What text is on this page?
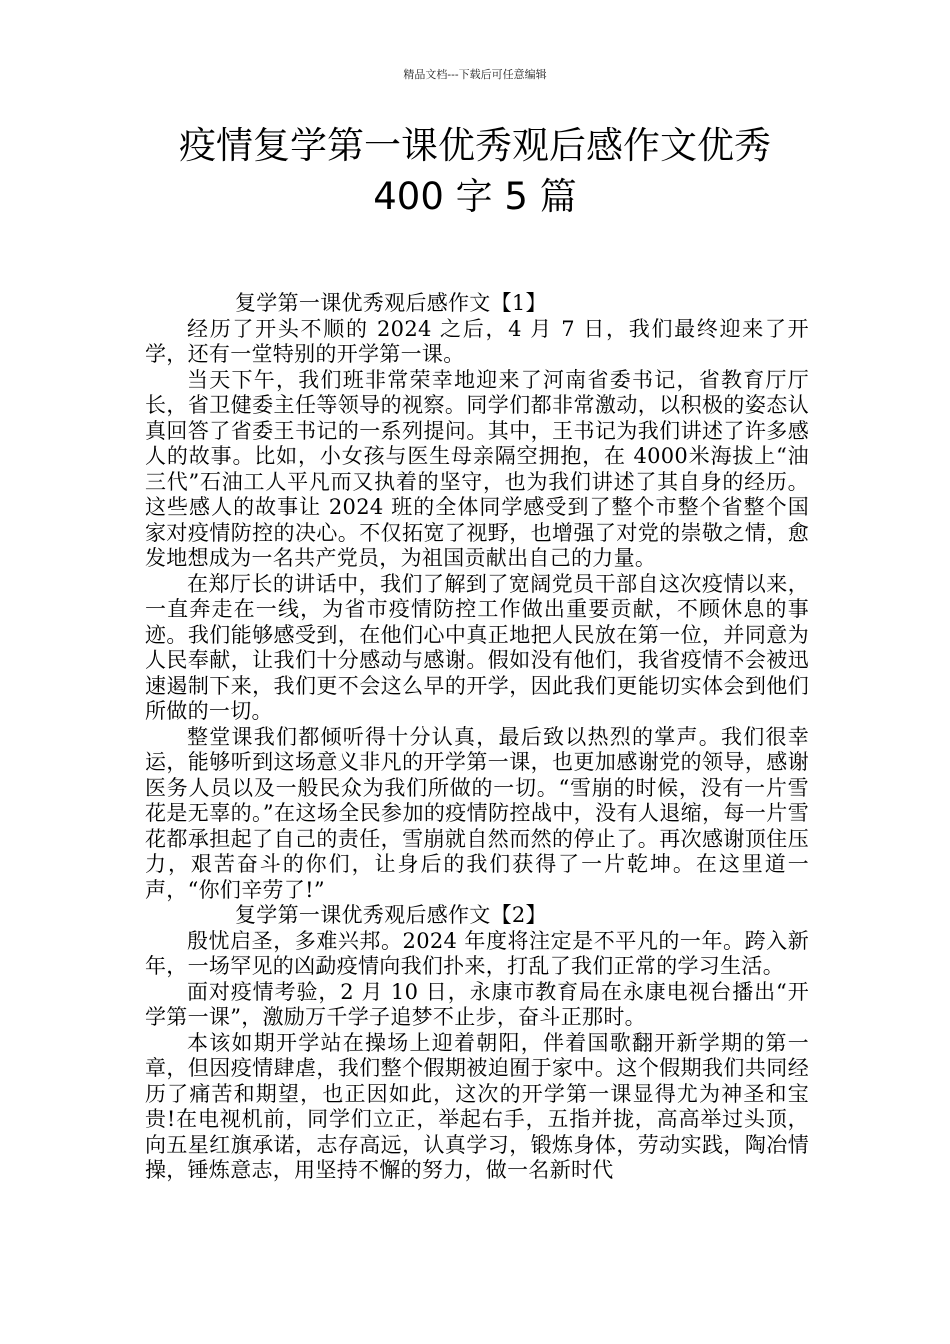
精品文档---下载后可任意编辑
疫情复学第一课优秀观后感作文优秀
400 字 5 篇
复学第一课优秀观后感作文【1】

经历了开头不顺的 2024 之后，4 月 7 日，我们最终迎来了开学，还有一堂特别的开学第一课。

当天下午，我们班非常荣幸地迎来了河南省委书记，省教育厅厅长，省卫健委主任等领导的视察。同学们都非常激动，以积极的姿态认真回答了省委王书记的一系列提问。其中，王书记为我们讲述了许多感人的故事。比如，小女孩与医生母亲隔空拥抱，在 4000米海拔上“油三代”石油工人平凡而又执着的坚守，也为我们讲述了其自身的经历。这些感人的故事让 2024 班的全体同学感受到了整个市整个省整个国家对疫情防控的决心。不仅拓宽了视野，也增强了对党的崇敬之情，愈发地想成为一名共产党员，为祖国贡献出自己的力量。

在郑厅长的讲话中，我们了解到了宽阔党员干部自这次疫情以来，一直奔走在一线，为省市疫情防控工作做出重要贡献，不顾休息的事迹。我们能够感受到，在他们心中真正地把人民放在第一位，并同意为人民奉献，让我们十分感动与感谢。假如没有他们，我省疫情不会被迅速遏制下来，我们更不会这么早的开学，因此我们更能切实体会到他们所做的一切。

整堂课我们都倾听得十分认真，最后致以热烈的掌声。我们很幸运，能够听到这场意义非凡的开学第一课，也更加感谢党的领导，感谢医务人员以及一般民众为我们所做的一切。“雪崩的时候，没有一片雪花是无辜的。”在这场全民参加的疫情防控战中，没有人退缩，每一片雪花都承担起了自己的责任，雪崩就自然而然的停止了。再次感谢顶住压力，艰苦奋斗的你们，让身后的我们获得了一片乾坤。在这里道一声，“你们辛劳了!”

复学第一课优秀观后感作文【2】

殷忧启圣，多难兴邦。2024 年度将注定是不平凡的一年。跨入新年，一场罕见的凶勐疫情向我们扑来，打乱了我们正常的学习生活。

面对疫情考验，2 月 10 日，永康市教育局在永康电视台播出“开学第一课”，激励万千学子追梦不止步，奋斗正那时。

本该如期开学站在操场上迎着朝阳，伴着国歌翻开新学期的第一章，但因疫情肆虐，我们整个假期被迫囿于家中。这个假期我们共同经历了痛苦和期望，也正因如此，这次的开学第一课显得尤为神圣和宝贵!在电视机前，同学们立正，举起右手，五指并拢，高高举过头顶，向五星红旗承诺，志存高远，认真学习，锻炼身体，劳动实践，陶冶情操，锤炼意志，用坚持不懈的努力，做一名新时代
